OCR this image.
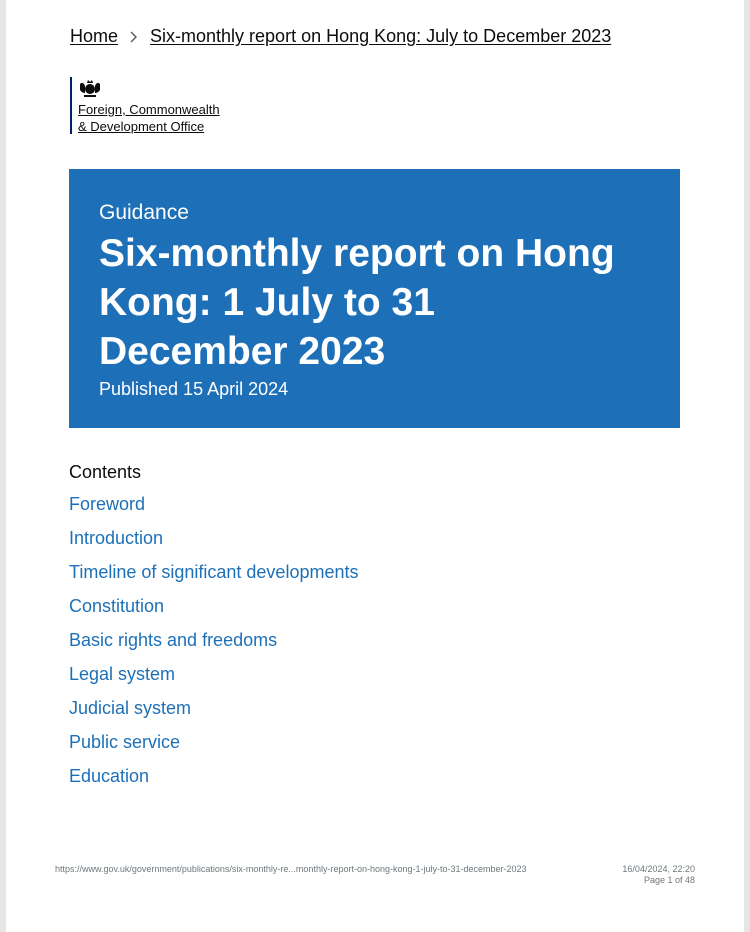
Home Six-monthly report on Hong Kong: July to December 2023
Foreign, Commonwealth
& Development Office
Guidance
Six-monthly report on Hong Kong: 1 July to 31 December 2023
Published 15 April 2024
Contents
Foreword
Introduction
Timeline of significant developments
Constitution
Basic rights and freedoms
Legal system
Judicial system
Public service
Education
https://www.gov.uk/government/publications/six-monthly-re...monthly-report-on-hong-kong-1-july-to-31-december-2023	16/04/2024, 22:20
Page 1 of 48
